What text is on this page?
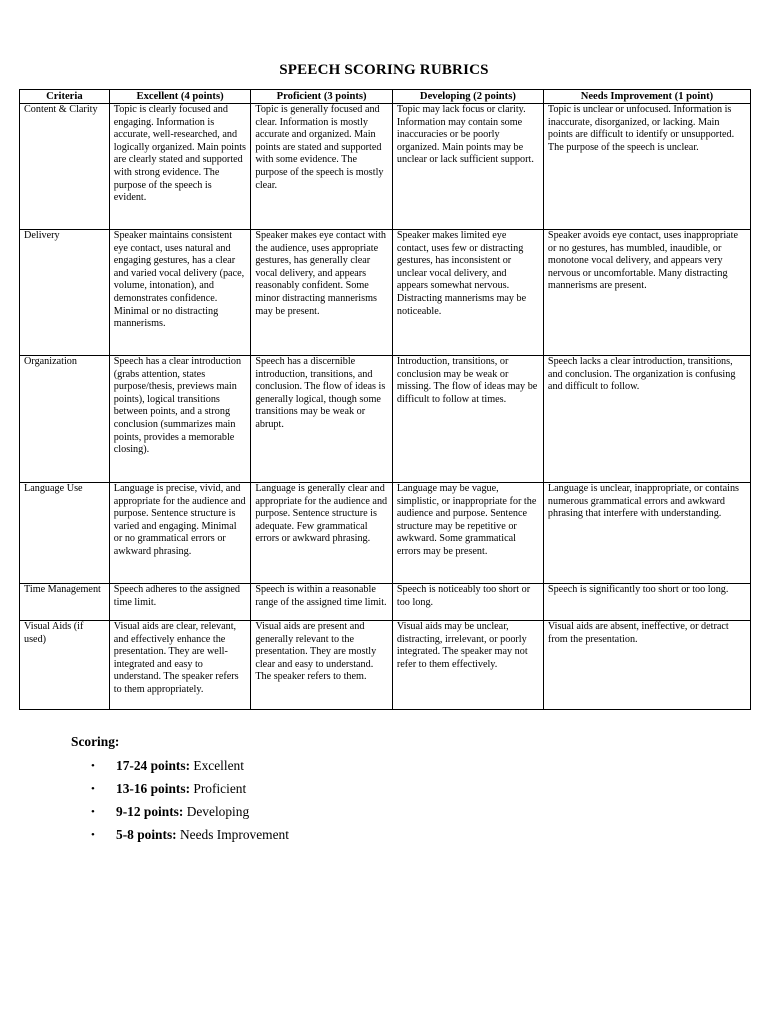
SPEECH SCORING RUBRICS
Criteria	Excellent (4 points)	Proficient (3 points)	Developing (2 points)	Needs Improvement (1 point)
Content & Clarity	Topic is clearly focused and engaging. Information is accurate, well-researched, and logically organized. Main points are clearly stated and supported with strong evidence. The purpose of the speech is evident.	Topic is generally focused and clear. Information is mostly accurate and organized. Main points are stated and supported with some evidence. The purpose of the speech is mostly clear.	Topic may lack focus or clarity. Information may contain some inaccuracies or be poorly organized. Main points may be unclear or lack sufficient support.	Topic is unclear or unfocused. Information is inaccurate, disorganized, or lacking. Main points are difficult to identify or unsupported. The purpose of the speech is unclear.
Delivery	Speaker maintains consistent eye contact, uses natural and engaging gestures, has a clear and varied vocal delivery (pace, volume, intonation), and demonstrates confidence. Minimal or no distracting mannerisms.	Speaker makes eye contact with the audience, uses appropriate gestures, has generally clear vocal delivery, and appears reasonably confident. Some minor distracting mannerisms may be present.	Speaker makes limited eye contact, uses few or distracting gestures, has inconsistent or unclear vocal delivery, and appears somewhat nervous. Distracting mannerisms may be noticeable.	Speaker avoids eye contact, uses inappropriate or no gestures, has mumbled, inaudible, or monotone vocal delivery, and appears very nervous or uncomfortable. Many distracting mannerisms are present.
Organization	Speech has a clear introduction (grabs attention, states purpose/thesis, previews main points), logical transitions between points, and a strong conclusion (summarizes main points, provides a memorable closing).	Speech has a discernible introduction, transitions, and conclusion. The flow of ideas is generally logical, though some transitions may be weak or abrupt.	Introduction, transitions, or conclusion may be weak or missing. The flow of ideas may be difficult to follow at times.	Speech lacks a clear introduction, transitions, and conclusion. The organization is confusing and difficult to follow.
Language Use	Language is precise, vivid, and appropriate for the audience and purpose. Sentence structure is varied and engaging. Minimal or no grammatical errors or awkward phrasing.	Language is generally clear and appropriate for the audience and purpose. Sentence structure is adequate. Few grammatical errors or awkward phrasing.	Language may be vague, simplistic, or inappropriate for the audience and purpose. Sentence structure may be repetitive or awkward. Some grammatical errors may be present.	Language is unclear, inappropriate, or contains numerous grammatical errors and awkward phrasing that interfere with understanding.
Time Management	Speech adheres to the assigned time limit.	Speech is within a reasonable range of the assigned time limit.	Speech is noticeably too short or too long.	Speech is significantly too short or too long.
Visual Aids (if used)	Visual aids are clear, relevant, and effectively enhance the presentation. They are well-integrated and easy to understand. The speaker refers to them appropriately.	Visual aids are present and generally relevant to the presentation. They are mostly clear and easy to understand. The speaker refers to them.	Visual aids may be unclear, distracting, irrelevant, or poorly integrated. The speaker may not refer to them effectively.	Visual aids are absent, ineffective, or detract from the presentation.

Scoring:

• 17-24 points: Excellent
• 13-16 points: Proficient
• 9-12 points: Developing
• 5-8 points: Needs Improvement
